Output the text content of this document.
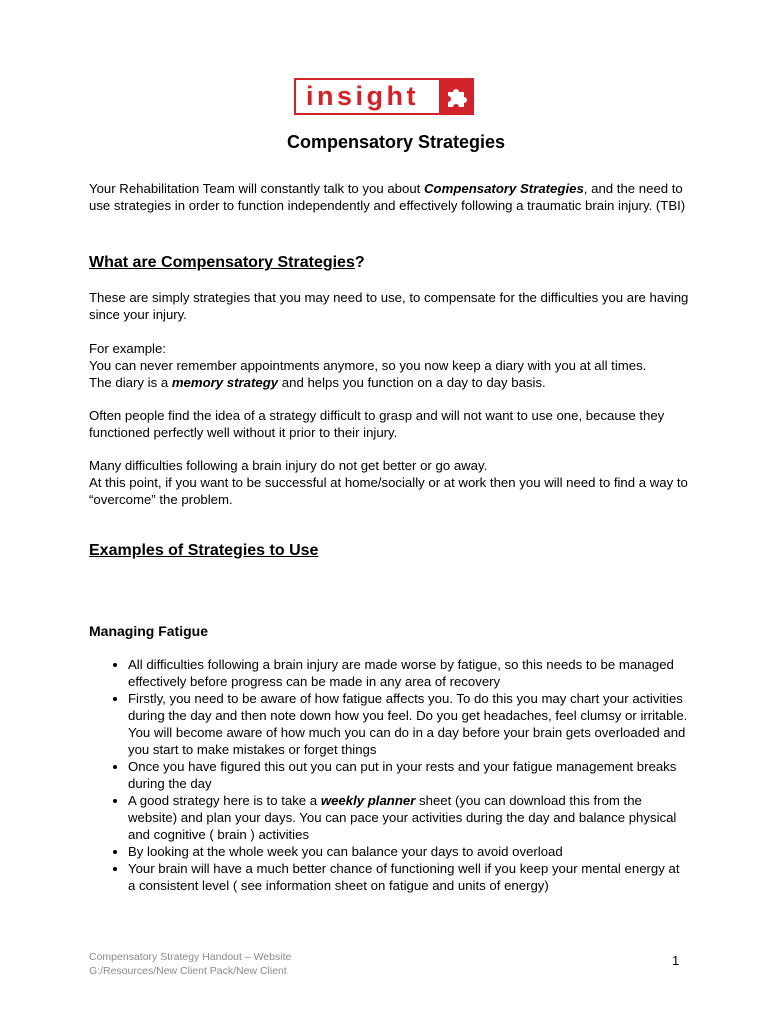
insight
Compensatory Strategies

Your Rehabilitation Team will constantly talk to you about Compensatory Strategies, and the need to use strategies in order to function independently and effectively following a traumatic brain injury. (TBI)

What are Compensatory Strategies?

These are simply strategies that you may need to use, to compensate for the difficulties you are having since your injury.

For example:

You can never remember appointments anymore, so you now keep a diary with you at all times.

The diary is a memory strategy and helps you function on a day to day basis.

Often people find the idea of a strategy difficult to grasp and will not want to use one, because they functioned perfectly well without it prior to their injury.

Many difficulties following a brain injury do not get better or go away.

At this point, if you want to be successful at home/socially or at work then you will need to find a way to “overcome” the problem.

Examples of Strategies to Use
Managing Fatigue
• All difficulties following a brain injury are made worse by fatigue, so this needs to be managed effectively before progress can be made in any area of recovery
• Firstly, you need to be aware of how fatigue affects you. To do this you may chart your activities during the day and then note down how you feel. Do you get headaches, feel clumsy or irritable. You will become aware of how much you can do in a day before your brain gets overloaded and you start to make mistakes or forget things
• Once you have figured this out you can put in your rests and your fatigue management breaks during the day
• A good strategy here is to take a weekly planner sheet (you can download this from the website) and plan your days. You can pace your activities during the day and balance physical and cognitive ( brain ) activities
• By looking at the whole week you can balance your days to avoid overload
• Your brain will have a much better chance of functioning well if you keep your mental energy at a consistent level ( see information sheet on fatigue and units of energy)
Compensatory Strategy Handout – Website
G:/Resources/New Client Pack/New Client
1
